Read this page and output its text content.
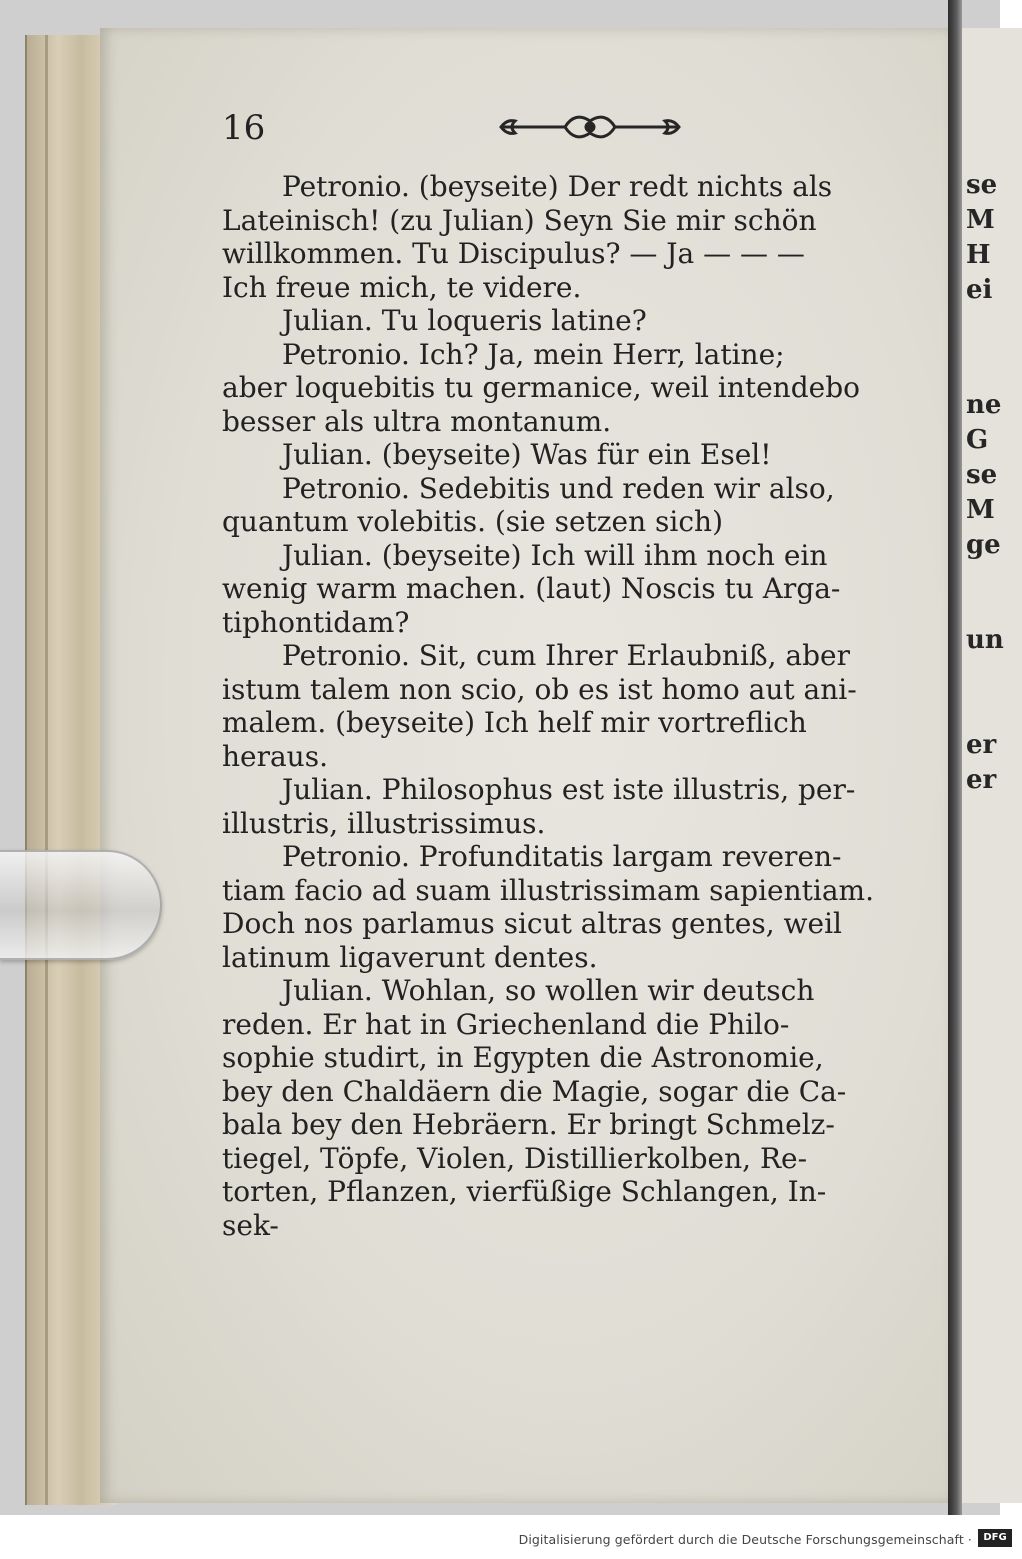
16
Petronio. (beyseite) Der redt nichts als
Lateinisch! (zu Julian) Seyn Sie mir schön
willkommen. Tu Discipulus? — Ja — — —
Ich freue mich, te videre.
Julian. Tu loqueris latine?
Petronio. Ich? Ja, mein Herr, latine;
aber loquebitis tu germanice, weil intendebo
besser als ultra montanum.
Julian. (beyseite) Was für ein Esel!
Petronio. Sedebitis und reden wir also,
quantum volebitis. (sie setzen sich)
Julian. (beyseite) Ich will ihm noch ein
wenig warm machen. (laut) Noscis tu Arga-
tiphontidam?
Petronio. Sit, cum Ihrer Erlaubniß, aber
istum talem non scio, ob es ist homo aut ani-
malem. (beyseite) Ich helf mir vortreflich
heraus.
Julian. Philosophus est iste illustris, per-
illustris, illustrissimus.
Petronio. Profunditatis largam reveren-
tiam facio ad suam illustrissimam sapientiam.
Doch nos parlamus sicut altras gentes, weil
latinum ligaverunt dentes.
Julian. Wohlan, so wollen wir deutsch
reden. Er hat in Griechenland die Philo-
sophie studirt, in Egypten die Astronomie,
bey den Chaldäern die Magie, sogar die Ca-
bala bey den Hebräern. Er bringt Schmelz-
tiegel, Töpfe, Violen, Distillierkolben, Re-
torten, Pflanzen, vierfüßige Schlangen, In-
sek-
se
M
H
ei
ne
G
se
M
ge
un
er
er
Digitalisierung gefördert durch die Deutsche Forschungsgemeinschaft ·	DFG
